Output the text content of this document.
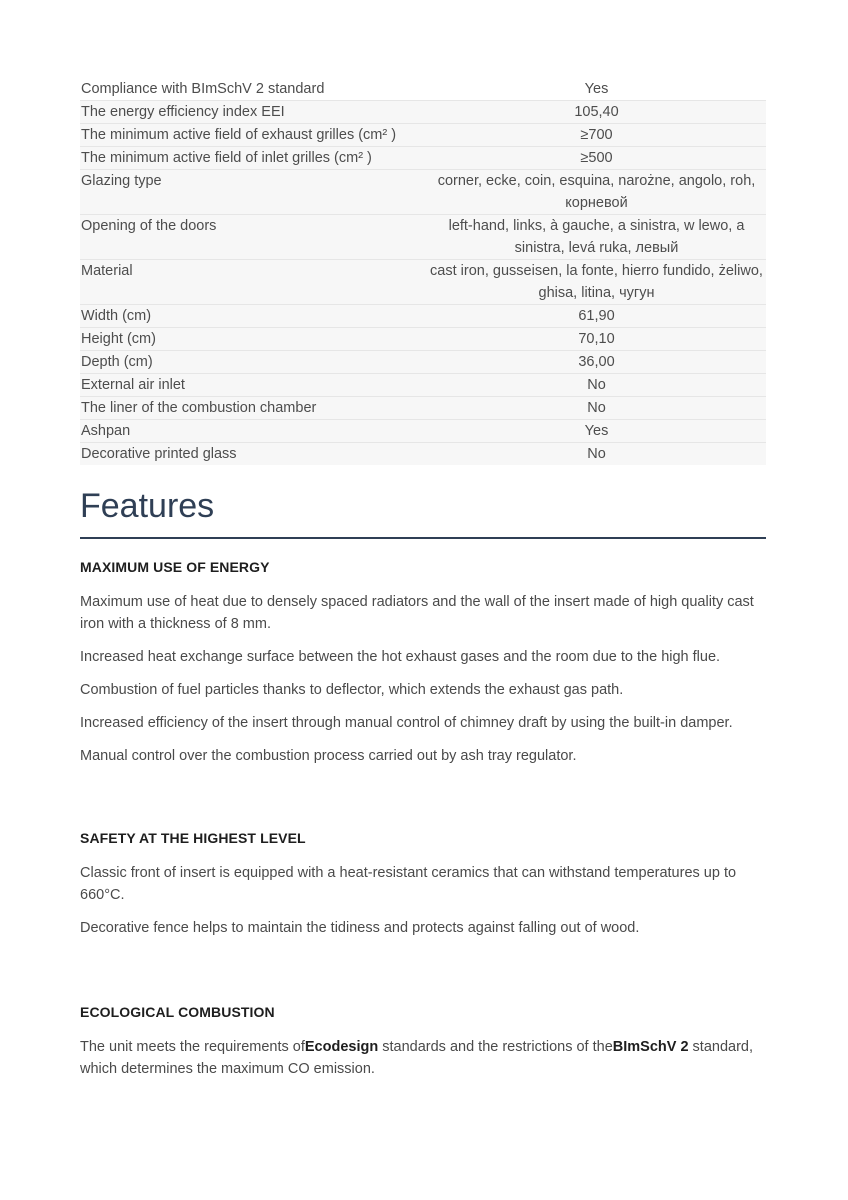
Compliance with BImSchV 2 standard	Yes
The energy efficiency index EEI	105,40
The minimum active field of exhaust grilles (cm² )	≥700
The minimum active field of inlet grilles (cm² )	≥500
Glazing type	corner, ecke, coin, esquina, narożne, angolo, roh, корневой
Opening of the doors	left-hand, links, à gauche, a sinistra, w lewo, a sinistra, levá ruka, левый
Material	cast iron, gusseisen, la fonte, hierro fundido, żeliwo, ghisa, litina, чугун
Width (cm)	61,90
Height (cm)	70,10
Depth (cm)	36,00
External air inlet	No
The liner of the combustion chamber	No
Ashpan	Yes
Decorative printed glass	No
Features
MAXIMUM USE OF ENERGY

Maximum use of heat due to densely spaced radiators and the wall of the insert made of high quality cast iron with a thickness of 8 mm.

Increased heat exchange surface between the hot exhaust gases and the room due to the high flue.

Combustion of fuel particles thanks to deflector, which extends the exhaust gas path.

Increased efficiency of the insert through manual control of chimney draft by using the built-in damper.

Manual control over the combustion process carried out by ash tray regulator.

SAFETY AT THE HIGHEST LEVEL

Classic front of insert is equipped with a heat-resistant ceramics that can withstand temperatures up to 660°C.

Decorative fence helps to maintain the tidiness and protects against falling out of wood.

ECOLOGICAL COMBUSTION

The unit meets the requirements ofEcodesign standards and the restrictions of theBImSchV 2 standard, which determines the maximum CO emission.
